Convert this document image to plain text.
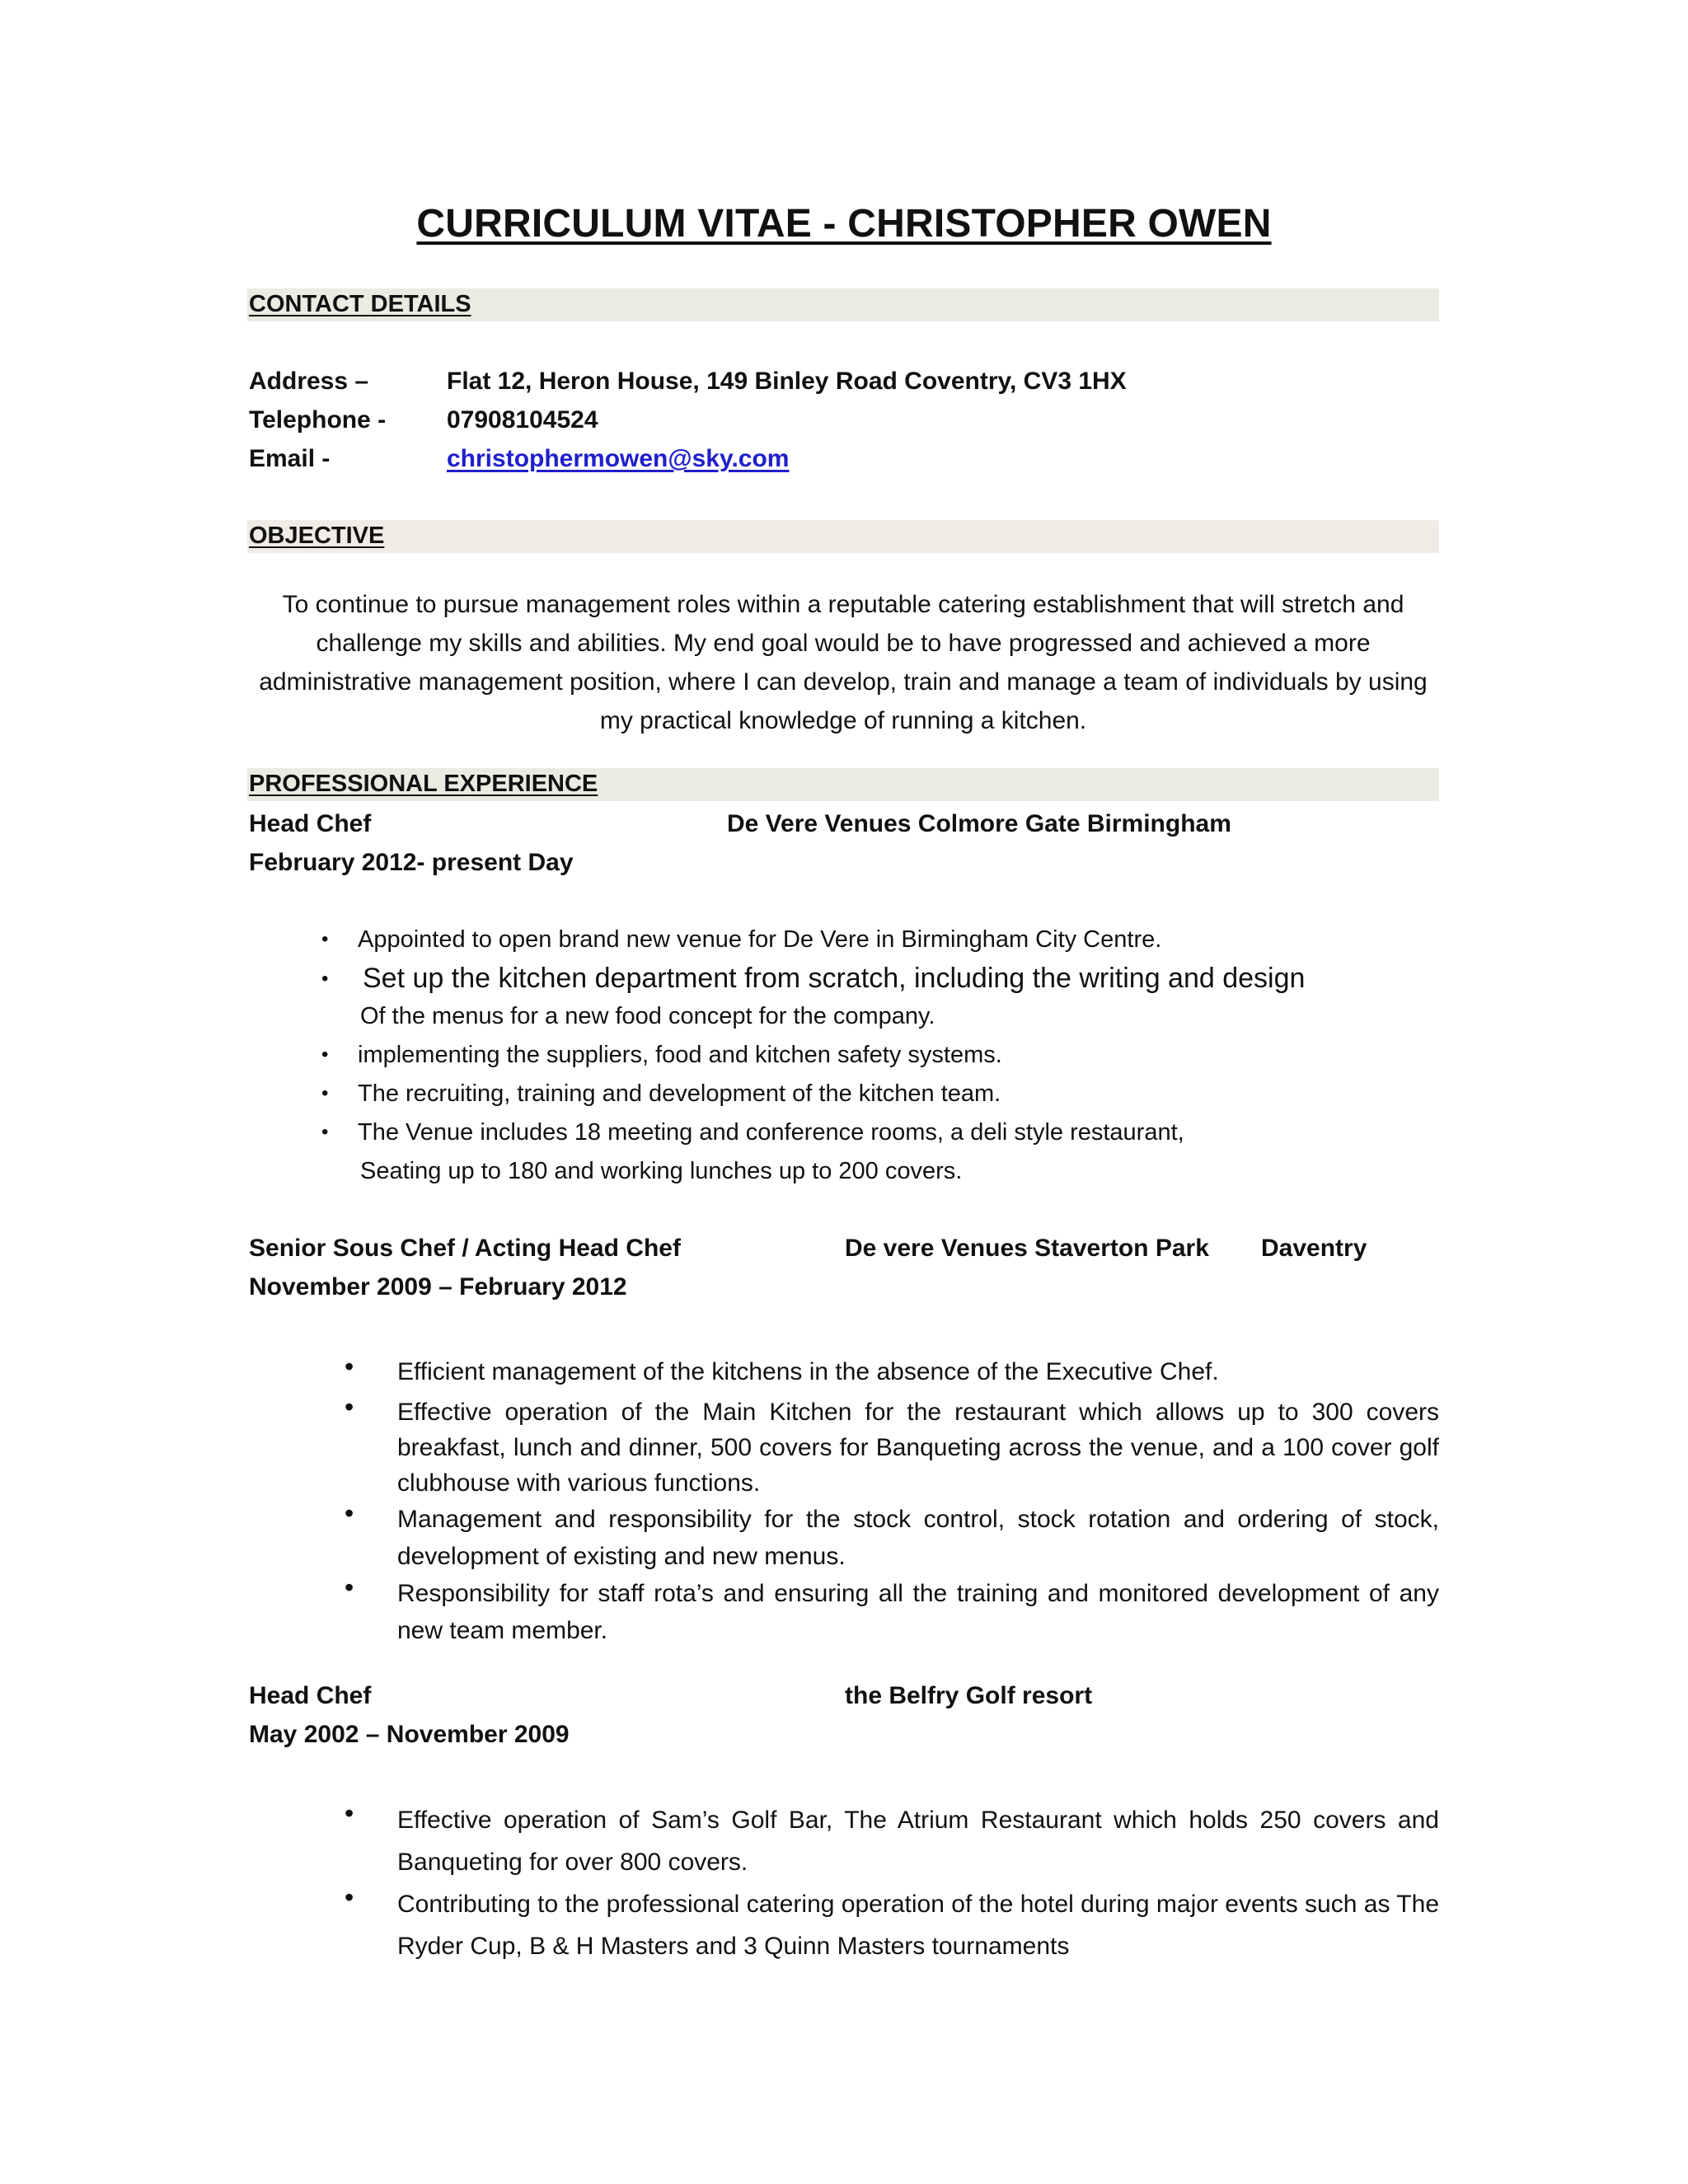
CURRICULUM VITAE - CHRISTOPHER OWEN
CONTACT DETAILS
Address –	Flat 12, Heron House, 149 Binley Road Coventry, CV3 1HX
Telephone - 07908104524
Email -	christophermowen@sky.com
OBJECTIVE
To continue to pursue management roles within a reputable catering establishment that will stretch and challenge my skills and abilities. My end goal would be to have progressed and achieved a more administrative management position, where I can develop, train and manage a team of individuals by using my practical knowledge of running a kitchen.
PROFESSIONAL EXPERIENCE
Head Chef	De Vere Venues Colmore Gate Birmingham
February 2012- present Day
• Appointed to open brand new venue for De Vere in Birmingham City Centre.
• Set up the kitchen department from scratch, including the writing and design
Of the menus for a new food concept for the company.
• implementing the suppliers, food and kitchen safety systems.
• The recruiting, training and development of the kitchen team.
• The Venue includes 18 meeting and conference rooms, a deli style restaurant,
Seating up to 180 and working lunches up to 200 covers.
Senior Sous Chef / Acting Head Chef	De vere Venues Staverton Park Daventry
November 2009 – February 2012
• Efficient management of the kitchens in the absence of the Executive Chef.
• Effective operation of the Main Kitchen for the restaurant which allows up to 300 covers breakfast, lunch and dinner, 500 covers for Banqueting across the venue, and a 100 cover golf clubhouse with various functions.
• Management and responsibility for the stock control, stock rotation and ordering of stock, development of existing and new menus.
• Responsibility for staff rota’s and ensuring all the training and monitored development of any new team member.
Head Chef	the Belfry Golf resort
May 2002 – November 2009
• Effective operation of Sam’s Golf Bar, The Atrium Restaurant which holds 250 covers and Banqueting for over 800 covers.
• Contributing to the professional catering operation of the hotel during major events such as The Ryder Cup, B & H Masters and 3 Quinn Masters tournaments
